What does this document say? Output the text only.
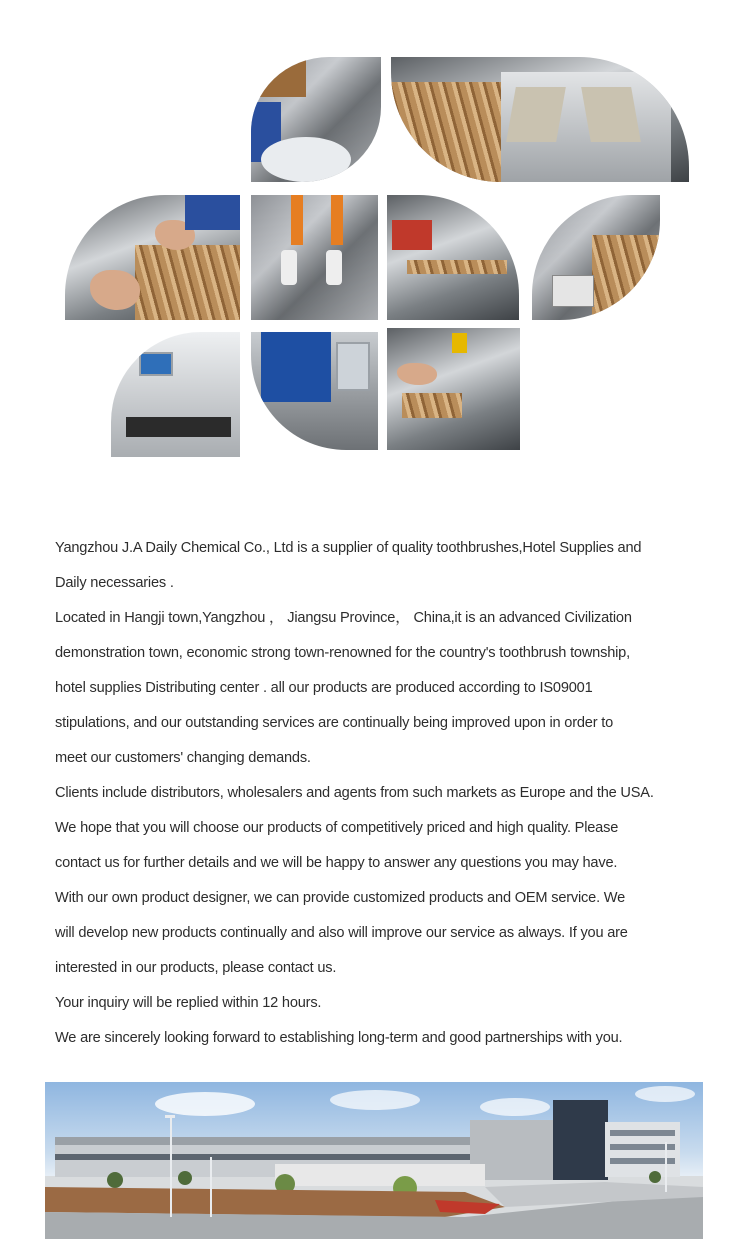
Yangzhou J.A Daily Chemical Co., Ltd is a supplier of quality toothbrushes,Hotel Supplies and

Daily necessaries .

Located in Hangji town,Yangzhou ， Jiangsu Province， China,it is an advanced Civilization

demonstration town, economic strong town-renowned for the country's toothbrush township,

hotel supplies Distributing center . all our products are produced according to IS09001

stipulations, and our outstanding services are continually being improved upon in order to

meet our customers' changing demands.

Clients include distributors, wholesalers and agents from such markets as Europe and the USA.

We hope that you will choose our products of competitively priced and high quality. Please

contact us for further details and we will be happy to answer any questions you may have.

With our own product designer, we can provide customized products and OEM service. We

will develop new products continually and also will improve our service as always. If you are

interested in our products, please contact us.

Your inquiry will be replied within 12 hours.

We are sincerely looking forward to establishing long-term and good partnerships with you.
